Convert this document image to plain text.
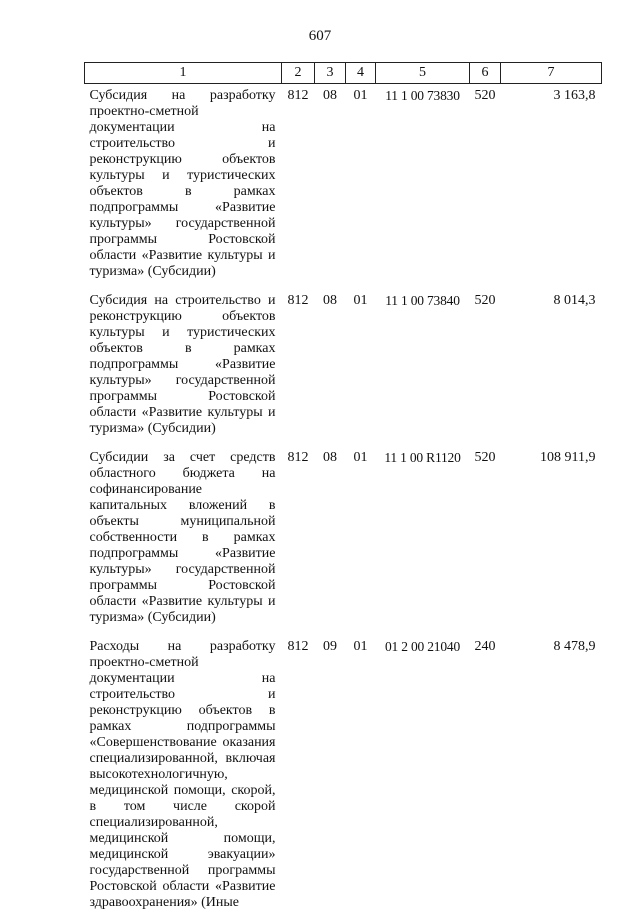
607
1	2	3	4	5	6	7
Субсидия на разработку проектно-сметной документации на строительство и реконструкцию объектов культуры и туристических объектов в рамках подпрограммы «Развитие культуры» государственной программы Ростовской области «Развитие культуры и туризма» (Субсидии)	812	08	01	11 1 00 73830	520	3 163,8
Субсидия на строительство и реконструкцию объектов культуры и туристических объектов в рамках подпрограммы «Развитие культуры» государственной программы Ростовской области «Развитие культуры и туризма» (Субсидии)	812	08	01	11 1 00 73840	520	8 014,3
Субсидии за счет средств областного бюджета на софинансирование капитальных вложений в объекты муниципальной собственности в рамках подпрограммы «Развитие культуры» государственной программы Ростовской области «Развитие культуры и туризма» (Субсидии)	812	08	01	11 1 00 R1120	520	108 911,9
Расходы на разработку проектно-сметной документации на строительство и реконструкцию объектов в рамках подпрограммы «Совершенствование оказания специализированной, включая высокотехнологичную, медицинской помощи, скорой, в том числе скорой специализированной, медицинской помощи, медицинской эвакуации» государственной программы Ростовской области «Развитие здравоохранения» (Иные	812	09	01	01 2 00 21040	240	8 478,9
